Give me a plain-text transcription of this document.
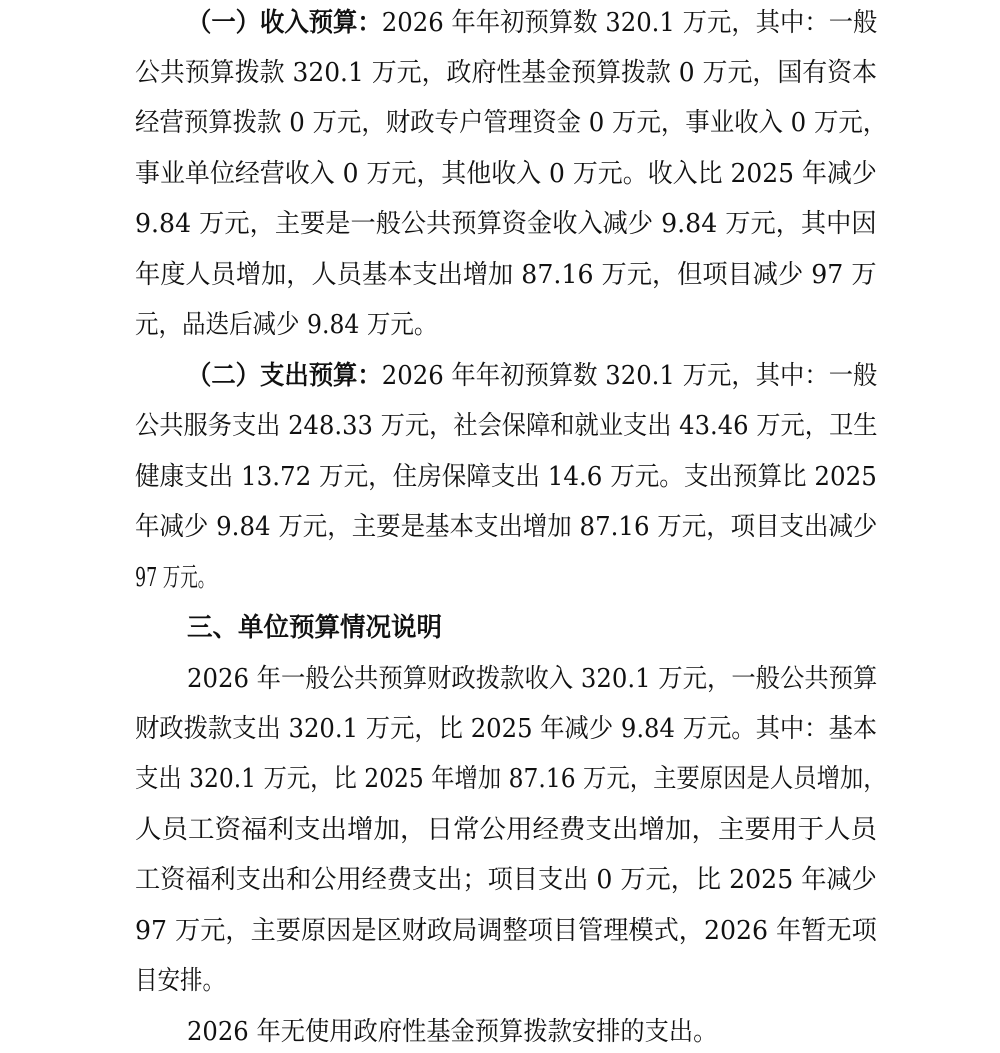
（一）收入预算：2026 年年初预算数 320.1 万元，其中：一般
公共预算拨款 320.1 万元，政府性基金预算拨款 0 万元，国有资本
经营预算拨款 0 万元，财政专户管理资金 0 万元，事业收入 0 万元，
事业单位经营收入 0 万元，其他收入 0 万元。收入比 2025 年减少
9.84 万元，主要是一般公共预算资金收入减少 9.84 万元，其中因
年度人员增加，人员基本支出增加 87.16 万元，但项目减少 97 万
元，品迭后减少 9.84 万元。
（二）支出预算：2026 年年初预算数 320.1 万元，其中：一般
公共服务支出 248.33 万元，社会保障和就业支出 43.46 万元，卫生
健康支出 13.72 万元，住房保障支出 14.6 万元。支出预算比 2025
年减少 9.84 万元，主要是基本支出增加 87.16 万元，项目支出减少
97 万元。
三、单位预算情况说明
2026 年一般公共预算财政拨款收入 320.1 万元，一般公共预算
财政拨款支出 320.1 万元，比 2025 年减少 9.84 万元。其中：基本
支出 320.1 万元，比 2025 年增加 87.16 万元，主要原因是人员增加，
人员工资福利支出增加，日常公用经费支出增加，主要用于人员
工资福利支出和公用经费支出；项目支出 0 万元，比 2025 年减少
97 万元，主要原因是区财政局调整项目管理模式，2026 年暂无项
目安排。
2026 年无使用政府性基金预算拨款安排的支出。
